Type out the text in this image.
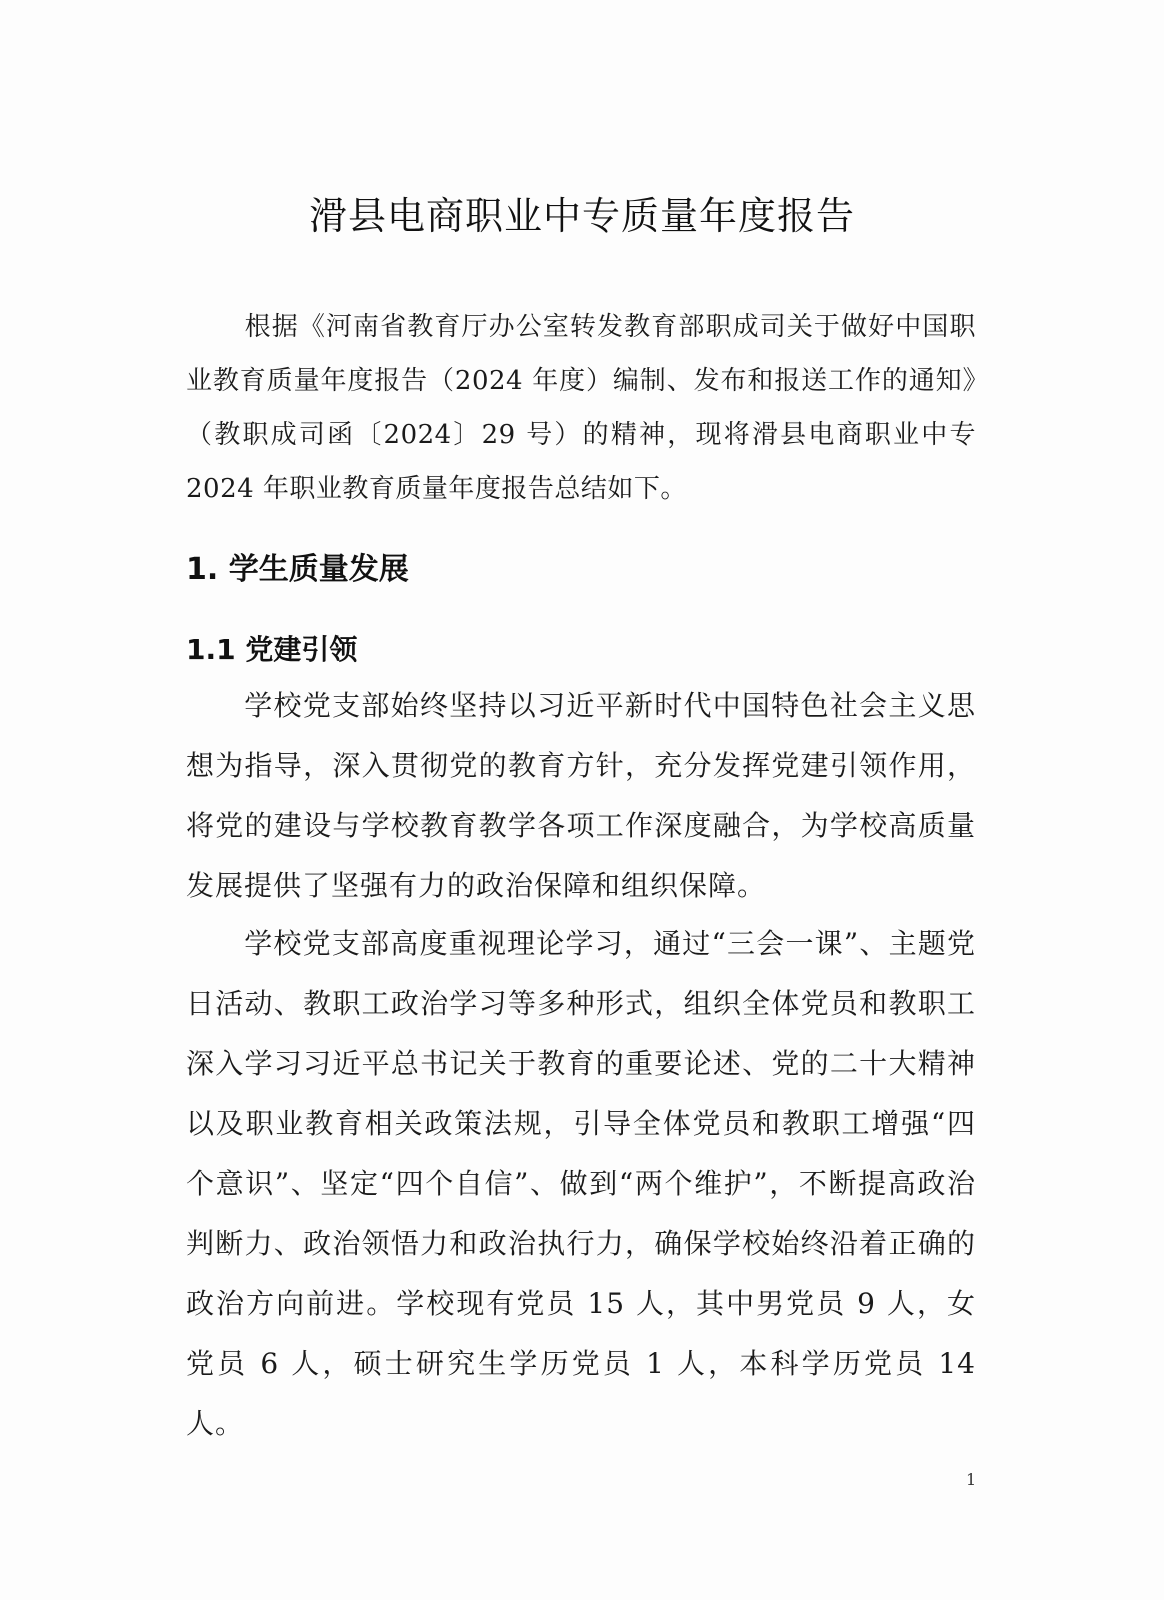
滑县电商职业中专质量年度报告

根据《河南省教育厅办公室转发教育部职成司关于做好中国职业教育质量年度报告（2024 年度）编制、发布和报送工作的通知》（教职成司函〔2024〕29 号）的精神，现将滑县电商职业中专 2024 年职业教育质量年度报告总结如下。

1. 学生质量发展
1.1 党建引领

学校党支部始终坚持以习近平新时代中国特色社会主义思想为指导，深入贯彻党的教育方针，充分发挥党建引领作用，将党的建设与学校教育教学各项工作深度融合，为学校高质量发展提供了坚强有力的政治保障和组织保障。

学校党支部高度重视理论学习，通过“三会一课”、主题党日活动、教职工政治学习等多种形式，组织全体党员和教职工深入学习习近平总书记关于教育的重要论述、党的二十大精神以及职业教育相关政策法规，引导全体党员和教职工增强“四个意识”、坚定“四个自信”、做到“两个维护”，不断提高政治判断力、政治领悟力和政治执行力，确保学校始终沿着正确的政治方向前进。学校现有党员 15 人，其中男党员 9 人，女党员 6 人，硕士研究生学历党员 1 人，本科学历党员 14 人。

1
